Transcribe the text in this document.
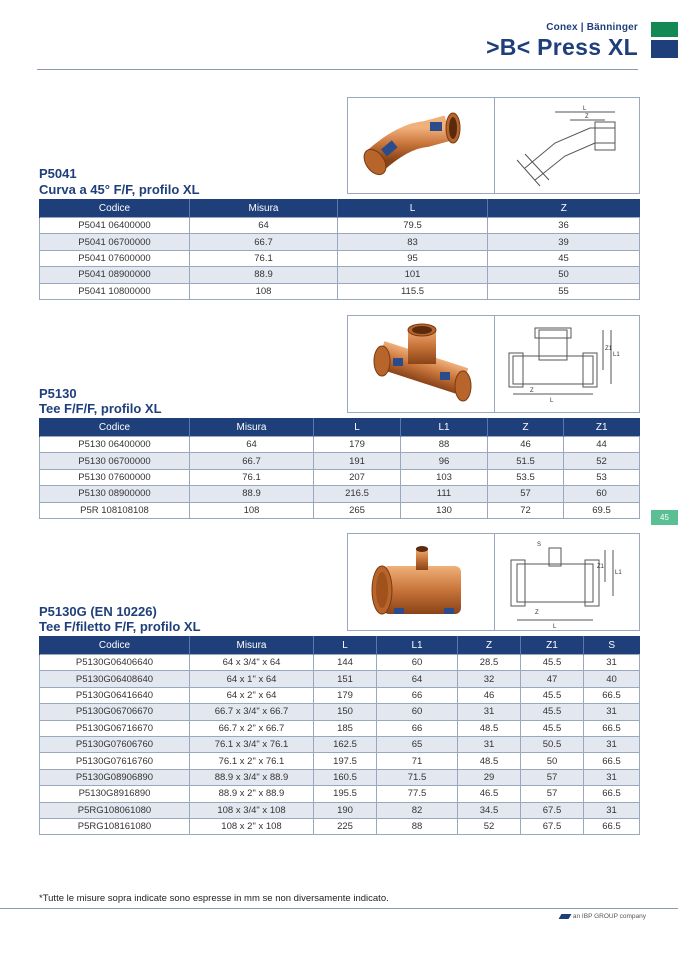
Conex | Bänninger
>B< Press XL
45
L
Z
P5041
Curva a 45° F/F, profilo XL
Codice	Misura	L	Z
P5041 06400000	64	79.5	36
P5041 06700000	66.7	83	39
P5041 07600000	76.1	95	45
P5041 08900000	88.9	101	50
P5041 10800000	108	115.5	55
L
L1
Z
Z1
P5130
Tee F/F/F, profilo XL
Codice	Misura	L	L1	Z	Z1
P5130 06400000	64	179	88	46	44
P5130 06700000	66.7	191	96	51.5	52
P5130 07600000	76.1	207	103	53.5	53
P5130 08900000	88.9	216.5	111	57	60
P5R 108108108	108	265	130	72	69.5
S
L
L1
Z
Z1
P5130G (EN 10226)
Tee F/filetto F/F, profilo XL
Codice	Misura	L	L1	Z	Z1	S
P5130G06406640	64 x 3/4" x 64	144	60	28.5	45.5	31
P5130G06408640	64 x 1" x 64	151	64	32	47	40
P5130G06416640	64 x 2" x 64	179	66	46	45.5	66.5
P5130G06706670	66.7 x 3/4" x 66.7	150	60	31	45.5	31
P5130G06716670	66.7 x 2" x 66.7	185	66	48.5	45.5	66.5
P5130G07606760	76.1 x 3/4" x 76.1	162.5	65	31	50.5	31
P5130G07616760	76.1 x 2" x 76.1	197.5	71	48.5	50	66.5
P5130G08906890	88.9 x 3/4" x 88.9	160.5	71.5	29	57	31
P5130G8916890	88.9 x 2" x 88.9	195.5	77.5	46.5	57	66.5
P5RG108061080	108 x 3/4" x 108	190	82	34.5	67.5	31
P5RG108161080	108 x 2" x 108	225	88	52	67.5	66.5
*Tutte le misure sopra indicate sono espresse in mm se non diversamente indicato.
an IBP GROUP company
